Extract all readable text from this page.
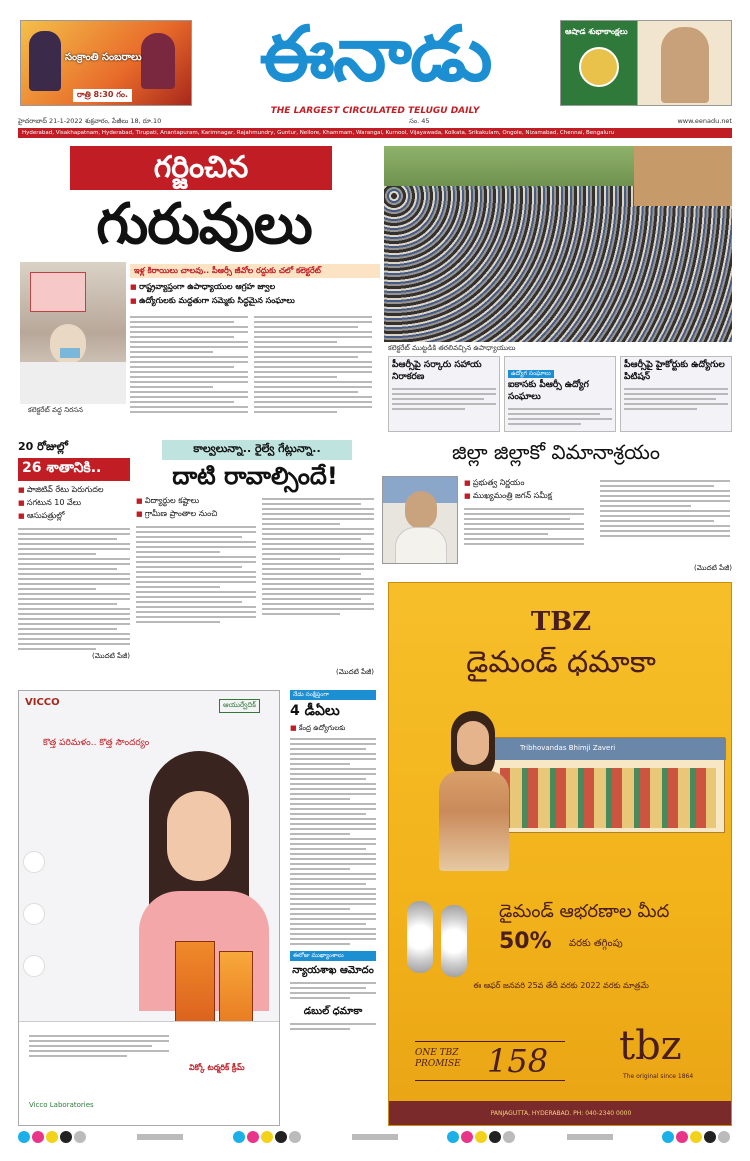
సంక్రాంతి సంబరాలు
రాత్రి 8:30 గం.	ఈనాడు
THE LARGEST CIRCULATED TELUGU DAILY
ఆషాడ శుభాకాంక్షలు
హైదరాబాద్ 21-1-2022 శుక్రవారం, పేజీలు 18, రూ.10	సం. 45	www.eenadu.net
Hyderabad, Visakhapatnam, Hyderabad, Tirupati, Anantapuram, Karimnagar, Rajahmundry, Guntur, Nellore, Khammam, Warangal, Kurnool, Vijayawada, Kolkata, Srikakulam, Ongole, Nizamabad, Chennai, Bengaluru
గర్జించిన
గురువులు
కలెక్టరేట్ ముట్టడికి తరలివచ్చిన ఉపాధ్యాయులు
ఇళ్ల కిరాయిలు చాలవు.. పీఆర్సీ జీవోల రద్దుకు చలో కలెక్టరేట్
■ రాష్ట్రవ్యాప్తంగా ఉపాధ్యాయుల ఆగ్రహ జ్వాల
■ ఉద్యోగులకు మద్దతుగా సమ్మెకు సిద్ధమైన సంఘాలు
కలెక్టరేట్ వద్ద నిరసన
పీఆర్సీపై సర్కారు సహాయ నిరాకరణ	ఉద్యోగ సంఘాలు
ఐకాసకు పీఆర్సీ ఉద్యోగ సంఘాలు
పీఆర్సీపై హైకోర్టుకు ఉద్యోగుల పిటిషన్
20 రోజుల్లో
26 శాతానికి..
■ పాజిటివ్ రేటు పెరుగుదల
■ సగటున 10 వేలు
■ ఆసుపత్రుల్లో
(మొదటి పేజీ)
కాల్వలున్నా.. రైల్వే గేట్లున్నా..
దాటి రావాల్సిందే!
■ విద్యార్థుల కష్టాలు
■ గ్రామీణ ప్రాంతాల నుంచి
(మొదటి పేజీ)
జిల్లా జిల్లాకో విమానాశ్రయం
■ ప్రభుత్వ నిర్ణయం
■ ముఖ్యమంత్రి జగన్ సమీక్ష
(మొదటి పేజీ)
VICCO	ఆయుర్వేదిక్
కొత్త పరిమళం.. కొత్త సౌందర్యం
విక్కో టర్మరిక్ క్రీమ్
Vicco Laboratories
నేడు సంక్షిప్తంగా
4 డీఏలు
■ కేంద్ర ఉద్యోగులకు
ఈరోజు ముఖ్యాంశాలు
న్యాయశాఖ ఆమోదం
డబుల్ ధమాకా
TBZ
డైమండ్ ధమాకా
Tribhovandas Bhimji Zaveri
డైమండ్ ఆభరణాల మీద
50% వరకు తగ్గింపు
ఈ ఆఫర్ జనవరి 25వ తేదీ వరకు 2022 వరకు మాత్రమే
ONE TBZ PROMISE 158 tbz
The original since 1864
PANJAGUTTA, HYDERABAD. PH: 040-2340 0000
